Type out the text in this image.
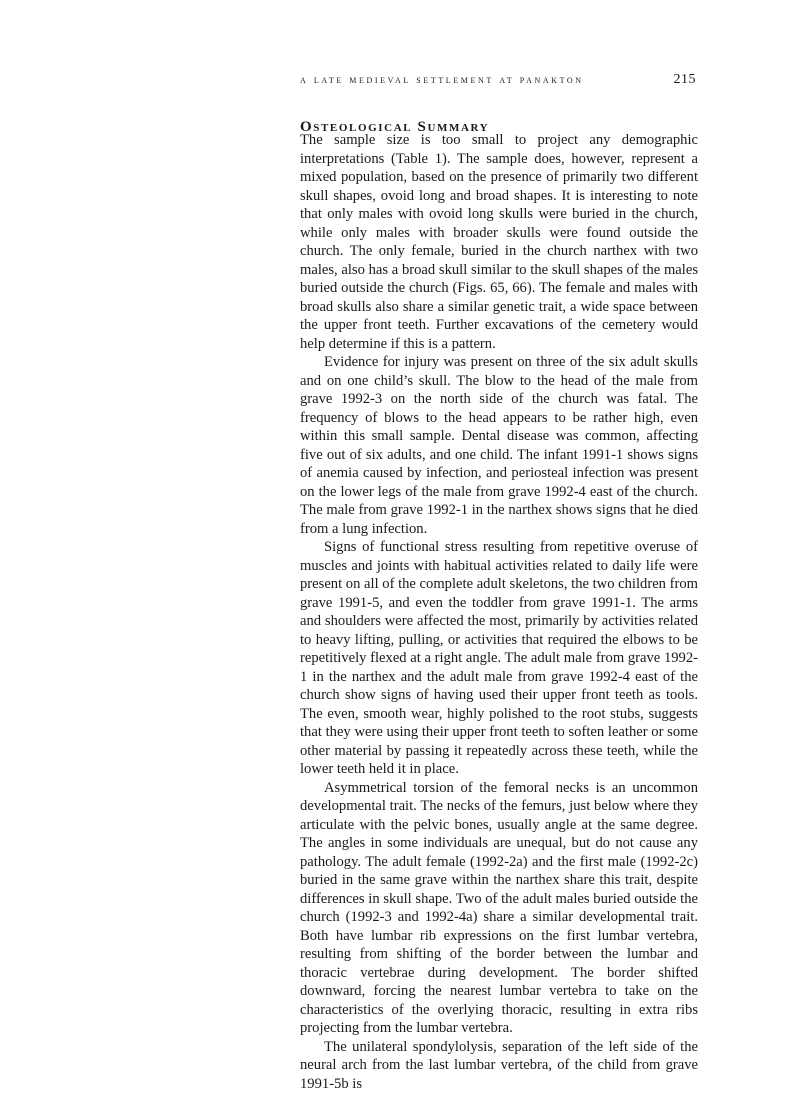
a late medieval settlement at panakton	215
Osteological Summary

The sample size is too small to project any demographic interpretations (Table 1). The sample does, however, represent a mixed population, based on the presence of primarily two different skull shapes, ovoid long and broad shapes. It is interesting to note that only males with ovoid long skulls were buried in the church, while only males with broader skulls were found outside the church. The only female, buried in the church narthex with two males, also has a broad skull similar to the skull shapes of the males buried outside the church (Figs. 65, 66). The female and males with broad skulls also share a similar genetic trait, a wide space between the upper front teeth. Further excavations of the cemetery would help determine if this is a pattern.

Evidence for injury was present on three of the six adult skulls and on one child’s skull. The blow to the head of the male from grave 1992-3 on the north side of the church was fatal. The frequency of blows to the head appears to be rather high, even within this small sample. Dental disease was common, affecting five out of six adults, and one child. The infant 1991-1 shows signs of anemia caused by infection, and periosteal infection was present on the lower legs of the male from grave 1992-4 east of the church. The male from grave 1992-1 in the narthex shows signs that he died from a lung infection.

Signs of functional stress resulting from repetitive overuse of muscles and joints with habitual activities related to daily life were present on all of the complete adult skeletons, the two children from grave 1991-5, and even the toddler from grave 1991-1. The arms and shoulders were affected the most, primarily by activities related to heavy lifting, pulling, or activities that required the elbows to be repetitively flexed at a right angle. The adult male from grave 1992-1 in the narthex and the adult male from grave 1992-4 east of the church show signs of having used their upper front teeth as tools. The even, smooth wear, highly polished to the root stubs, suggests that they were using their upper front teeth to soften leather or some other material by passing it repeatedly across these teeth, while the lower teeth held it in place.

Asymmetrical torsion of the femoral necks is an uncommon developmental trait. The necks of the femurs, just below where they articulate with the pelvic bones, usually angle at the same degree. The angles in some individuals are unequal, but do not cause any pathology. The adult female (1992-2a) and the first male (1992-2c) buried in the same grave within the narthex share this trait, despite differences in skull shape. Two of the adult males buried outside the church (1992-3 and 1992-4a) share a similar developmental trait. Both have lumbar rib expressions on the first lumbar vertebra, resulting from shifting of the border between the lumbar and thoracic vertebrae during development. The border shifted downward, forcing the nearest lumbar vertebra to take on the characteristics of the overlying thoracic, resulting in extra ribs projecting from the lumbar vertebra.

The unilateral spondylolysis, separation of the left side of the neural arch from the last lumbar vertebra, of the child from grave 1991-5b is
